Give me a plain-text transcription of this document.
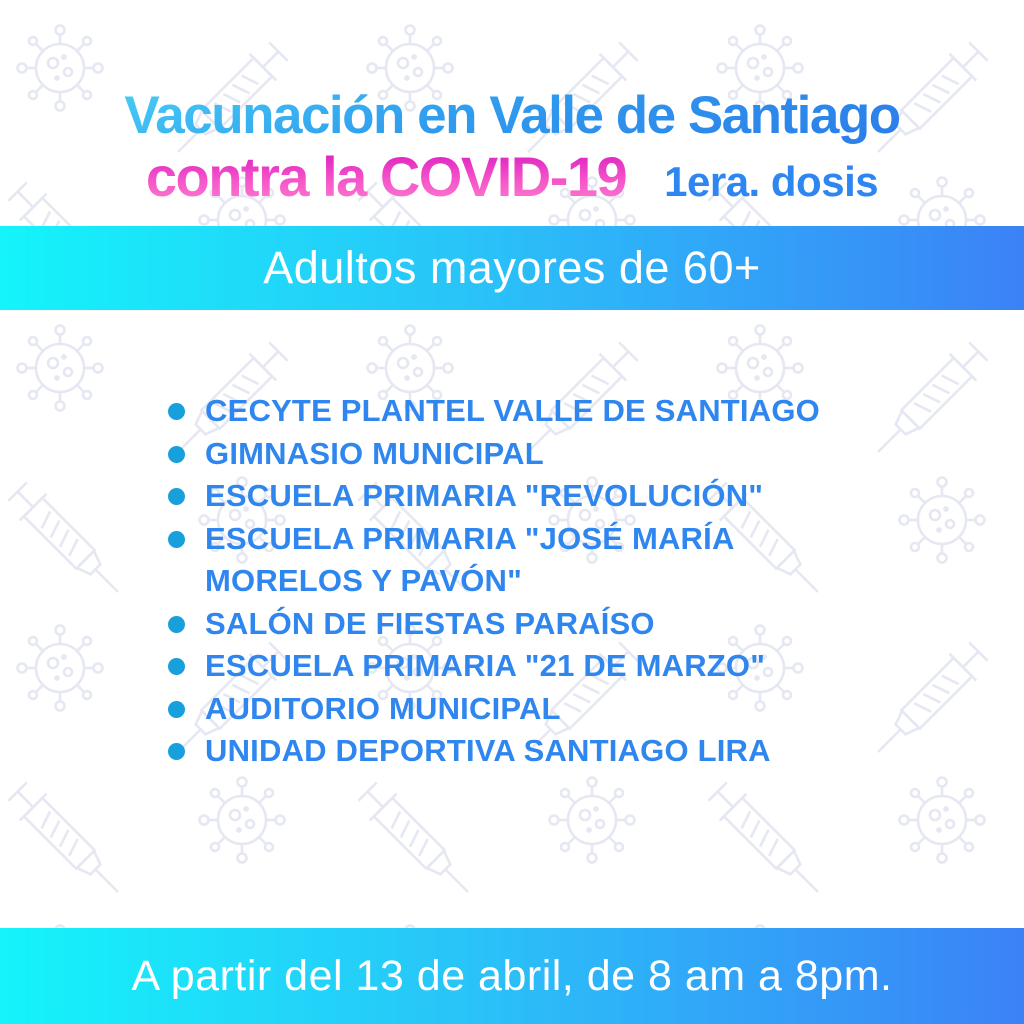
Vacunación en Valle de Santiago
contra la COVID-19 1era. dosis
Adultos mayores de 60+
CECYTE PLANTEL VALLE DE SANTIAGO
GIMNASIO MUNICIPAL
ESCUELA PRIMARIA "REVOLUCIÓN"
ESCUELA PRIMARIA "JOSÉ MARÍA
MORELOS Y PAVÓN"
SALÓN DE FIESTAS PARAÍSO
ESCUELA PRIMARIA "21 DE MARZO"
AUDITORIO MUNICIPAL
UNIDAD DEPORTIVA SANTIAGO LIRA
A partir del 13 de abril, de 8 am a 8pm.
